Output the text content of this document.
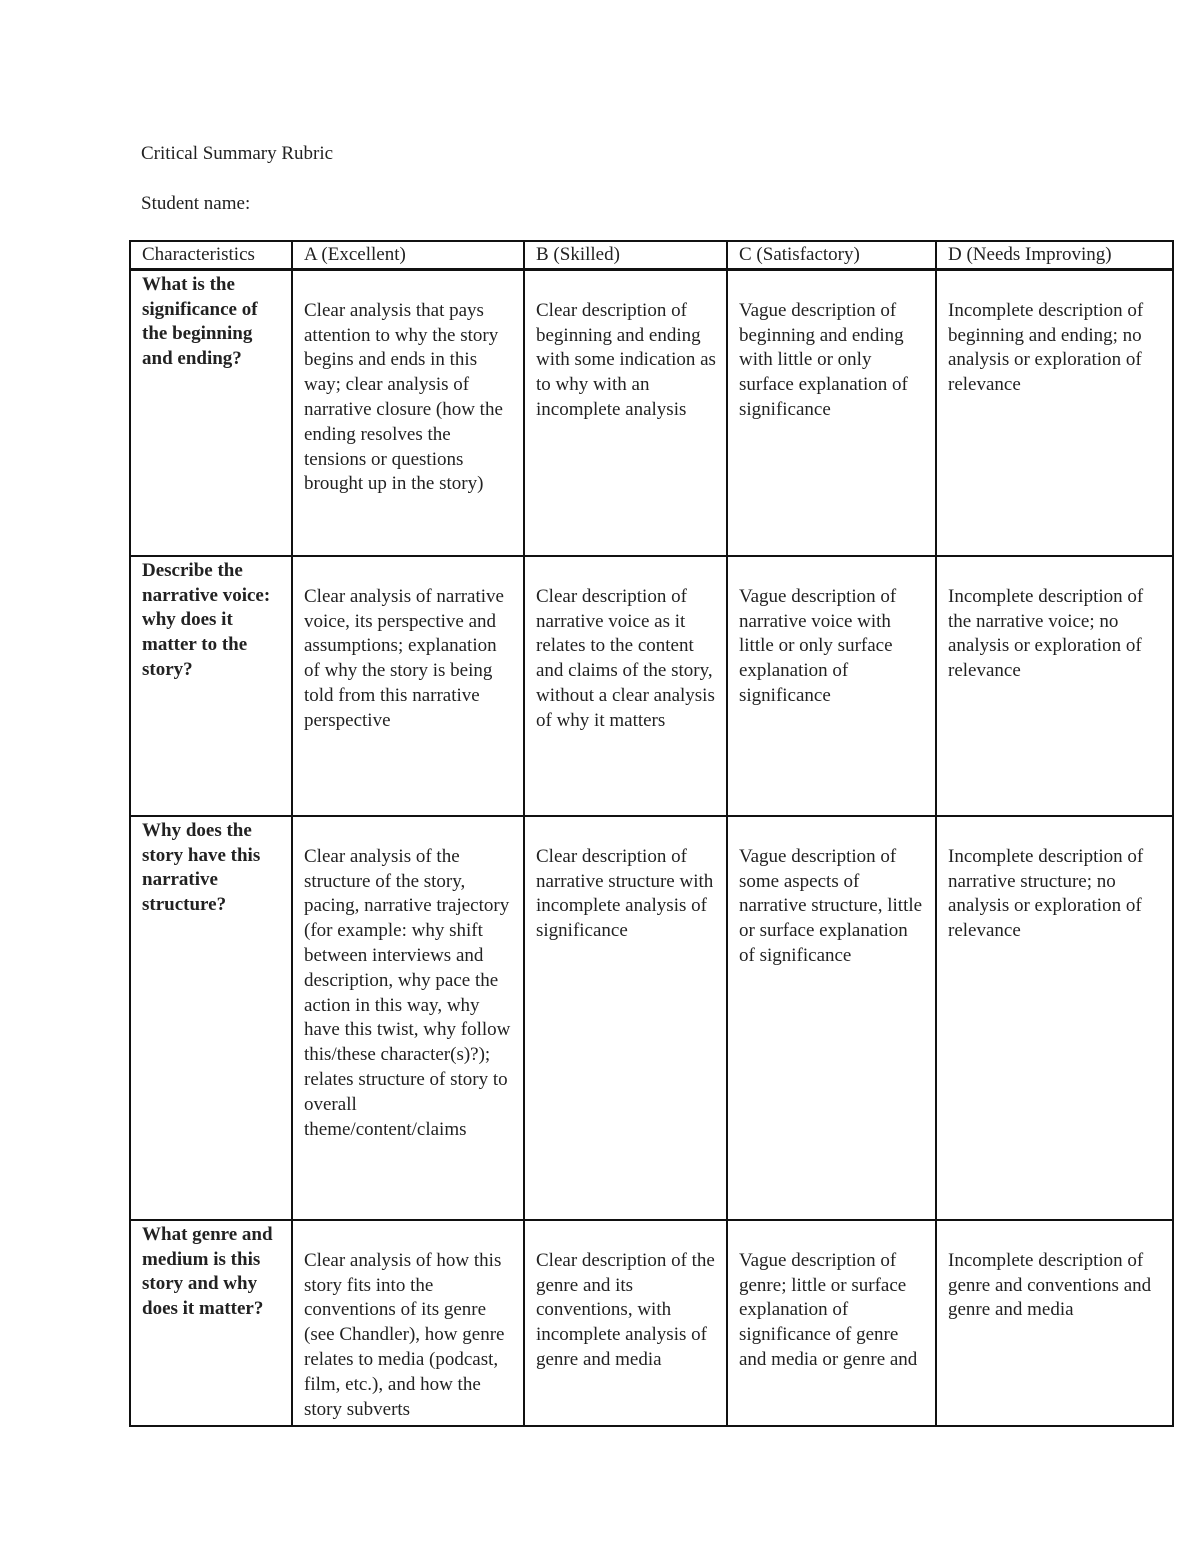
Critical Summary Rubric
Student name:
Characteristics	A (Excellent)	B (Skilled)	C (Satisfactory)	D (Needs Improving)
What is the significance of the beginning and ending?	Clear analysis that pays attention to why the story begins and ends in this way; clear analysis of narrative closure (how the ending resolves the tensions or questions brought up in the story)	Clear description of beginning and ending with some indication as to why with an incomplete analysis	Vague description of beginning and ending with little or only surface explanation of significance	Incomplete description of beginning and ending; no analysis or exploration of relevance
Describe the narrative voice: why does it matter to the story?	Clear analysis of narrative voice, its perspective and assumptions; explanation of why the story is being told from this narrative perspective	Clear description of narrative voice as it relates to the content and claims of the story, without a clear analysis of why it matters	Vague description of narrative voice with little or only surface explanation of significance	Incomplete description of the narrative voice; no analysis or exploration of relevance
Why does the story have this narrative structure?	Clear analysis of the structure of the story, pacing, narrative trajectory (for example: why shift between interviews and description, why pace the action in this way, why have this twist, why follow this/these character(s)?); relates structure of story to overall theme/content/claims	Clear description of narrative structure with incomplete analysis of significance	Vague description of some aspects of narrative structure, little or surface explanation of significance	Incomplete description of narrative structure; no analysis or exploration of relevance

What genre and medium is this story and why does it matter?	Clear analysis of how this story fits into the conventions of its genre (see Chandler), how genre relates to media (podcast, film, etc.), and how the story subverts	Clear description of the genre and its conventions, with incomplete analysis of genre and media	Vague description of genre; little or surface explanation of significance of genre and media or genre and	Incomplete description of genre and conventions and genre and media
